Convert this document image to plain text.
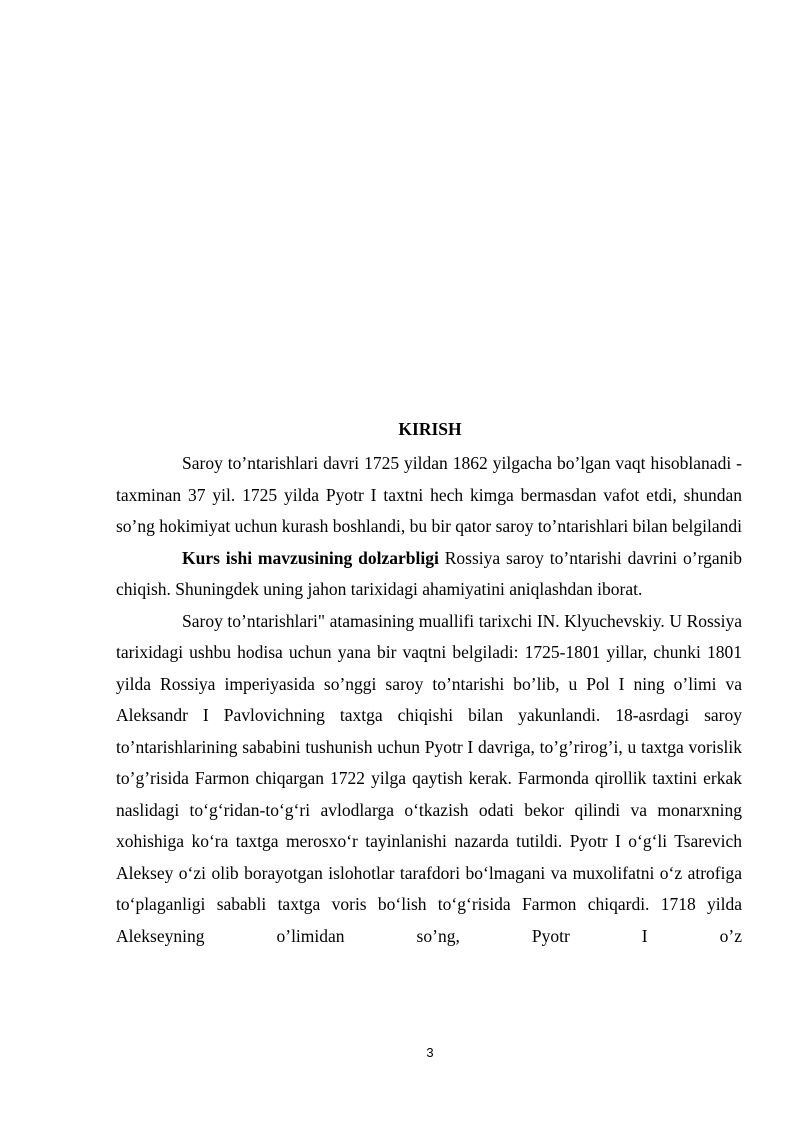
KIRISH

Saroy to’ntarishlari davri 1725 yildan 1862 yilgacha bo’lgan vaqt hisoblanadi - taxminan 37 yil. 1725 yilda Pyotr I taxtni hech kimga bermasdan vafot etdi, shundan so’ng hokimiyat uchun kurash boshlandi, bu bir qator saroy to’ntarishlari bilan belgilandi

Kurs ishi mavzusining dolzarbligi Rossiya saroy to’ntarishi davrini o’rganib chiqish. Shuningdek uning jahon tarixidagi ahamiyatini aniqlashdan iborat.

Saroy to’ntarishlari" atamasining muallifi tarixchi IN. Klyuchevskiy. U Rossiya tarixidagi ushbu hodisa uchun yana bir vaqtni belgiladi: 1725-1801 yillar, chunki 1801 yilda Rossiya imperiyasida so’nggi saroy to’ntarishi bo’lib, u Pol I ning o’limi va Aleksandr I Pavlovichning taxtga chiqishi bilan yakunlandi. 18-asrdagi saroy to’ntarishlarining sababini tushunish uchun Pyotr I davriga, to’g’rirog’i, u taxtga vorislik to’g’risida Farmon chiqargan 1722 yilga qaytish kerak. Farmonda qirollik taxtini erkak naslidagi to‘g‘ridan-to‘g‘ri avlodlarga o‘tkazish odati bekor qilindi va monarxning xohishiga ko‘ra taxtga merosxo‘r tayinlanishi nazarda tutildi. Pyotr I o‘g‘li Tsarevich Aleksey o‘zi olib borayotgan islohotlar tarafdori bo‘lmagani va muxolifatni o‘z atrofiga to‘plaganligi sababli taxtga voris bo‘lish to‘g‘risida Farmon chiqardi. 1718 yilda Alekseyning o’limidan so’ng, Pyotr I o’z

3
